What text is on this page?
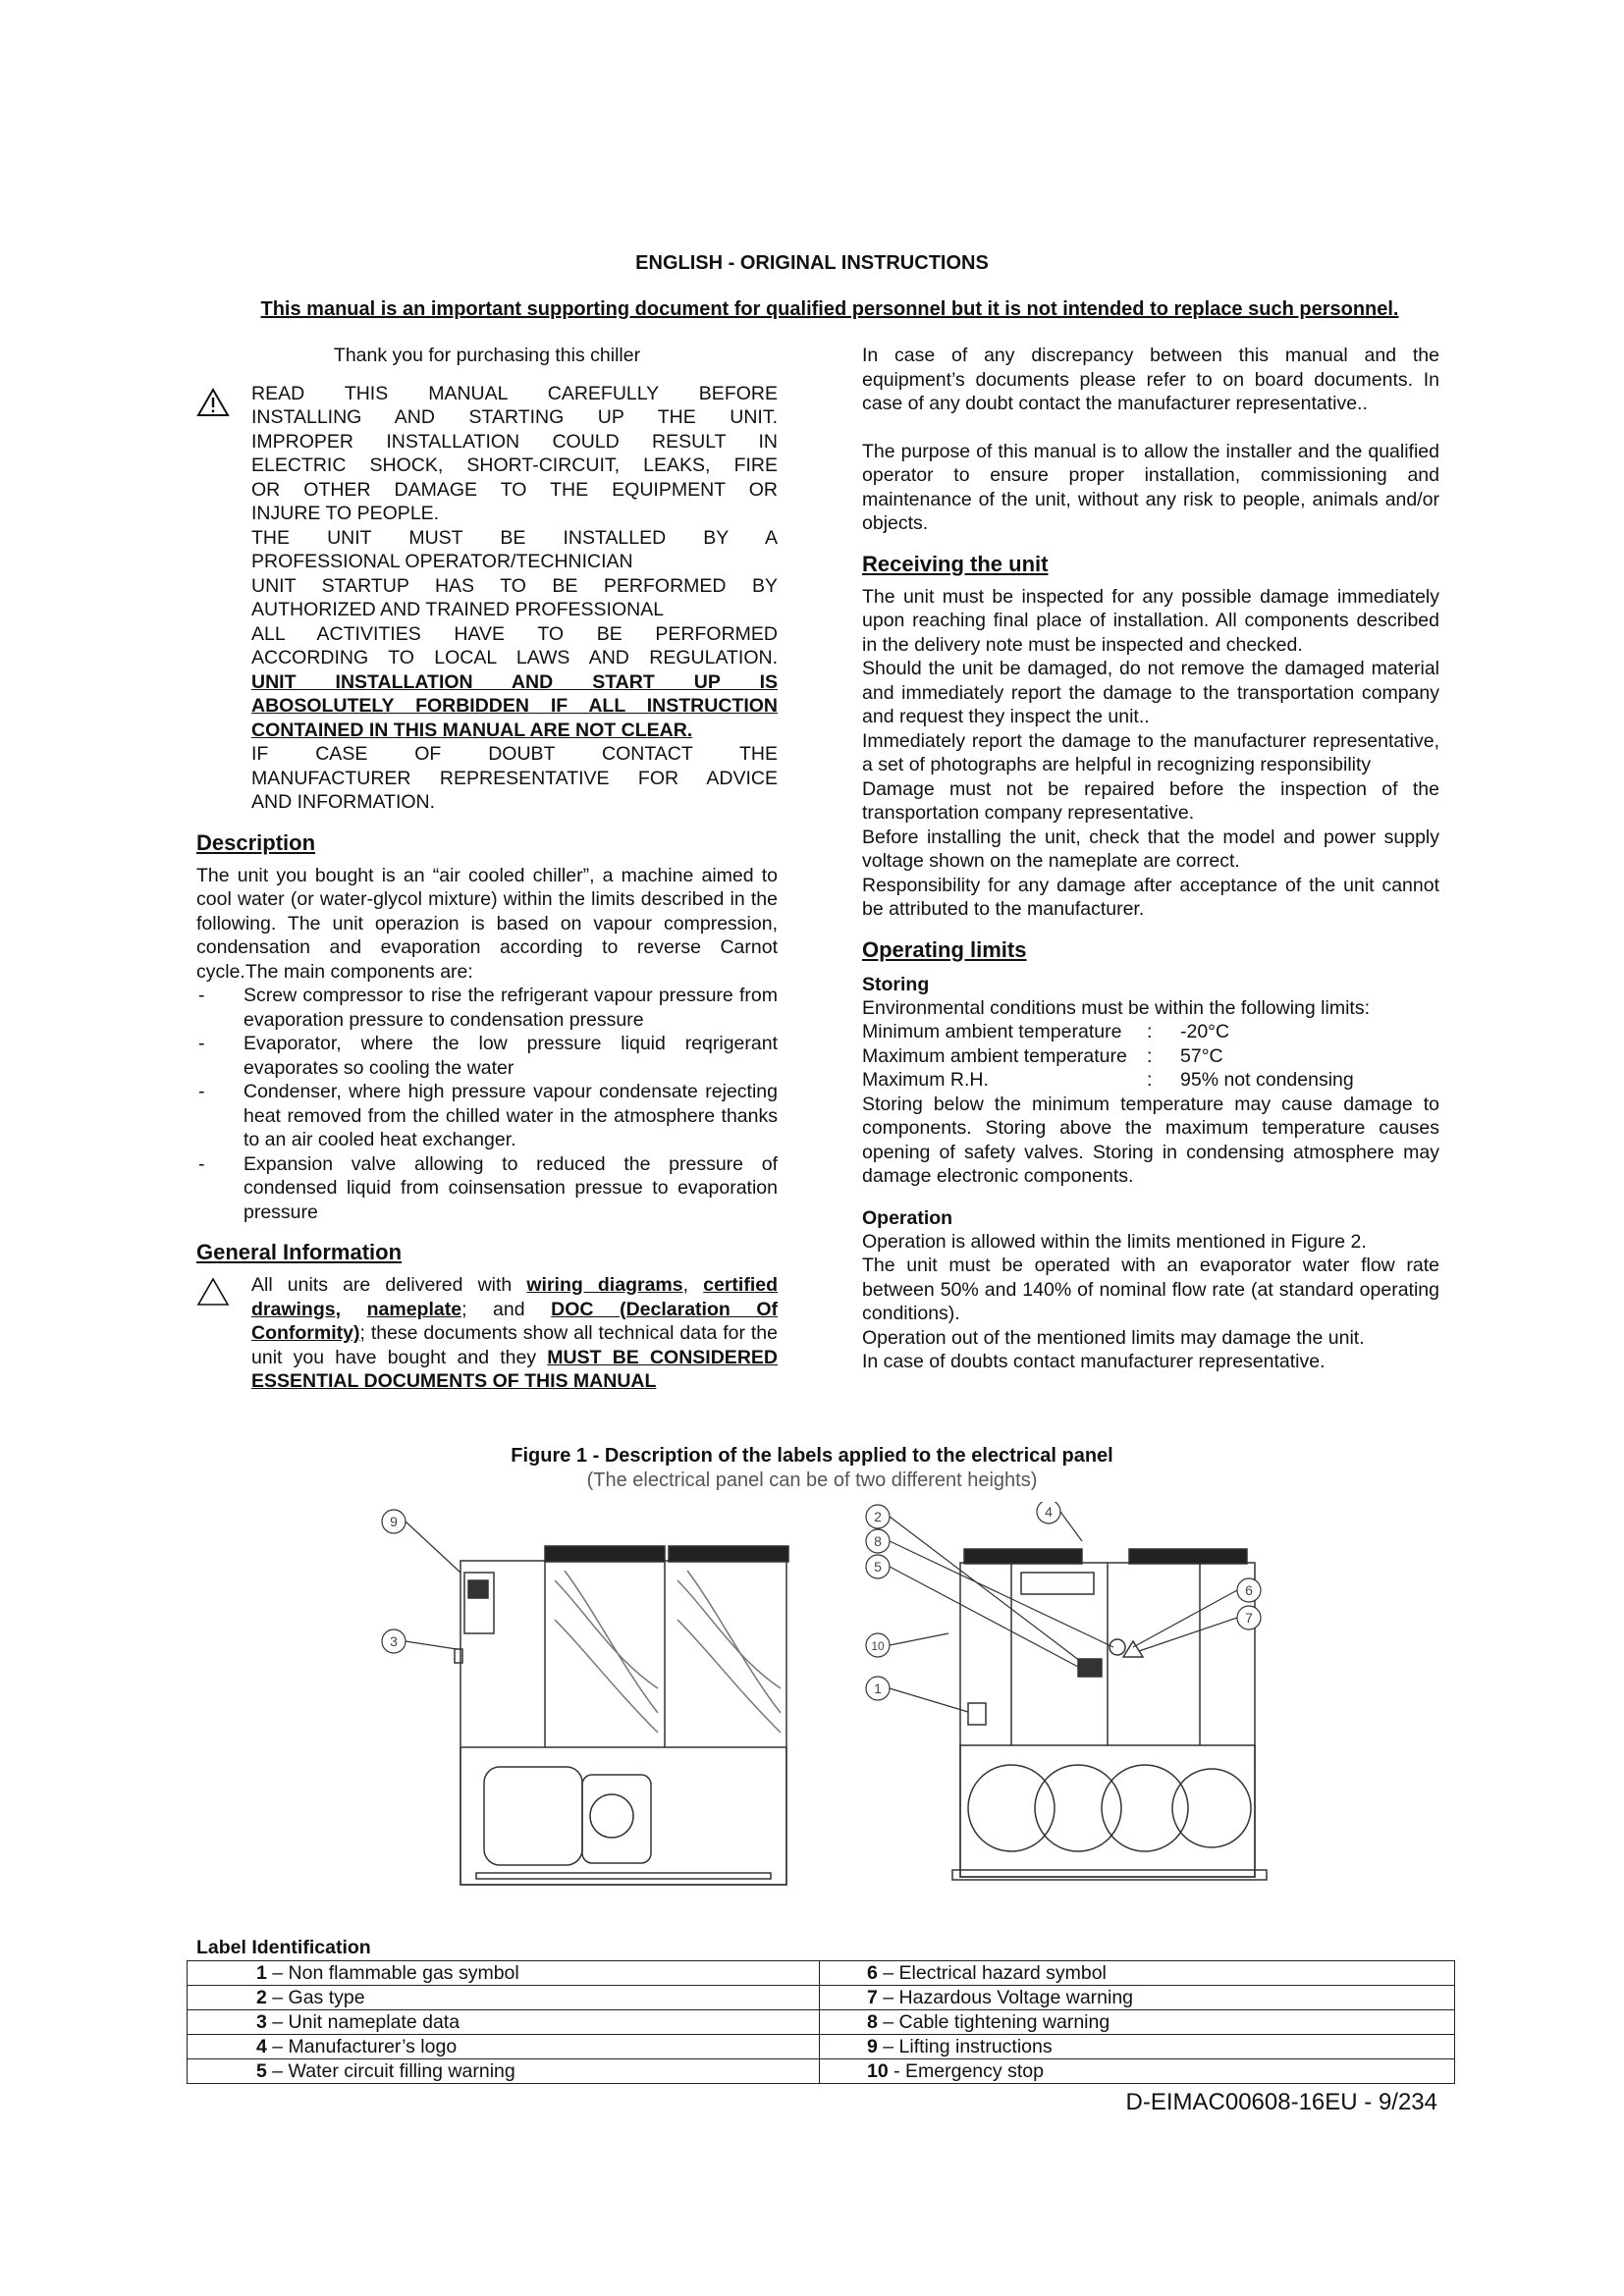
ENGLISH - ORIGINAL INSTRUCTIONS
This manual is an important supporting document for qualified personnel but it is not intended to replace such personnel.
Thank you for purchasing this chiller
READ THIS MANUAL CAREFULLY BEFORE
INSTALLING AND STARTING UP THE UNIT.
IMPROPER INSTALLATION COULD RESULT IN
ELECTRIC SHOCK, SHORT-CIRCUIT, LEAKS, FIRE
OR OTHER DAMAGE TO THE EQUIPMENT OR
INJURE TO PEOPLE.
THE UNIT MUST BE INSTALLED BY A
PROFESSIONAL OPERATOR/TECHNICIAN
UNIT STARTUP HAS TO BE PERFORMED BY
AUTHORIZED AND TRAINED PROFESSIONAL
ALL ACTIVITIES HAVE TO BE PERFORMED
ACCORDING TO LOCAL LAWS AND REGULATION.
UNIT INSTALLATION AND START UP IS
ABOSOLUTELY FORBIDDEN IF ALL INSTRUCTION
CONTAINED IN THIS MANUAL ARE NOT CLEAR.
IF CASE OF DOUBT CONTACT THE
MANUFACTURER REPRESENTATIVE FOR ADVICE
AND INFORMATION.
Description

The unit you bought is an “air cooled chiller”, a machine aimed to cool water (or water-glycol mixture) within the limits described in the following. The unit operazion is based on vapour compression, condensation and evaporation according to reverse Carnot cycle.The main components are:

- Screw compressor to rise the refrigerant vapour pressure from evaporation pressure to condensation pressure
- Evaporator, where the low pressure liquid reqrigerant evaporates so cooling the water
- Condenser, where high pressure vapour condensate rejecting heat removed from the chilled water in the atmosphere thanks to an air cooled heat exchanger.
- Expansion valve allowing to reduced the pressure of condensed liquid from coinsensation pressue to evaporation pressure
General Information

All units are delivered with wiring diagrams, certified drawings, nameplate; and DOC (Declaration Of Conformity); these documents show all technical data for the unit you have bought and they MUST BE CONSIDERED ESSENTIAL DOCUMENTS OF THIS MANUAL

In case of any discrepancy between this manual and the equipment’s documents please refer to on board documents. In case of any doubt contact the manufacturer representative..

The purpose of this manual is to allow the installer and the qualified operator to ensure proper installation, commissioning and maintenance of the unit, without any risk to people, animals and/or objects.

Receiving the unit

The unit must be inspected for any possible damage immediately upon reaching final place of installation. All components described in the delivery note must be inspected and checked.

Should the unit be damaged, do not remove the damaged material and immediately report the damage to the transportation company and request they inspect the unit..

Immediately report the damage to the manufacturer representative, a set of photographs are helpful in recognizing responsibility

Damage must not be repaired before the inspection of the transportation company representative.

Before installing the unit, check that the model and power supply voltage shown on the nameplate are correct.

Responsibility for any damage after acceptance of the unit cannot be attributed to the manufacturer.

Operating limits
Storing

Environmental conditions must be within the following limits:

Minimum ambient temperature	:	-20°C
Maximum ambient temperature	:	57°C
Maximum R.H.	:	95% not condensing

Storing below the minimum temperature may cause damage to components. Storing above the maximum temperature causes opening of safety valves. Storing in condensing atmosphere may damage electronic components.

Operation

Operation is allowed within the limits mentioned in Figure 2.

The unit must be operated with an evaporator water flow rate between 50% and 140% of nominal flow rate (at standard operating conditions).

Operation out of the mentioned limits may damage the unit.

In case of doubts contact manufacturer representative.

Figure 1 - Description of the labels applied to the electrical panel
(The electrical panel can be of two different heights)
9
3
2
8
5
4
6
7
10
1
Label Identification
1 – Non flammable gas symbol	6 – Electrical hazard symbol
2 – Gas type	7 – Hazardous Voltage warning
3 – Unit nameplate data	8 – Cable tightening warning
4 – Manufacturer’s logo	9 – Lifting instructions
5 – Water circuit filling warning	10 - Emergency stop
D-EIMAC00608-16EU - 9/234
